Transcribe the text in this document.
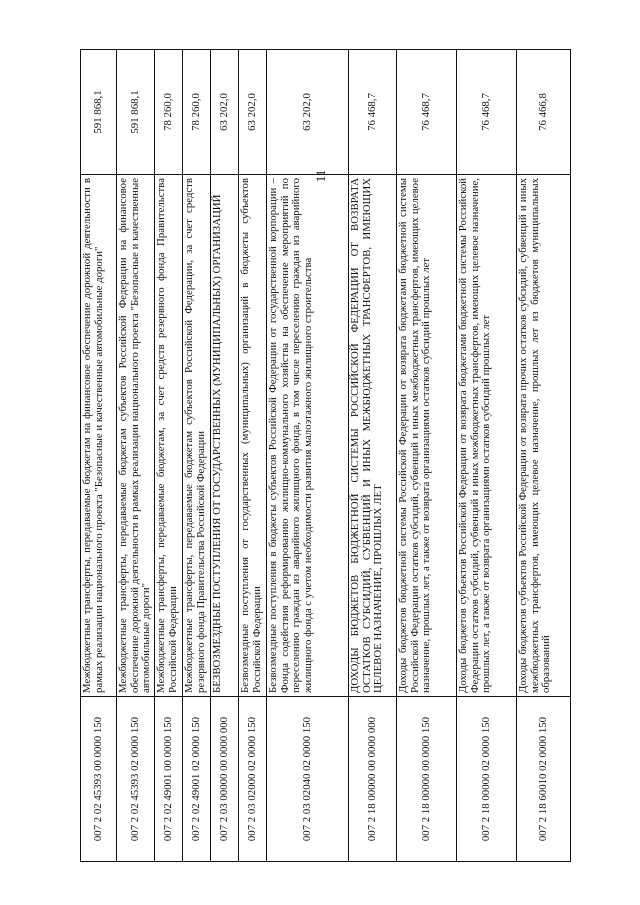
11
007 2 02 45393 00 0000 150	Межбюджетные трансферты, передаваемые бюджетам на финансовое обеспечение дорожной деятельности в рамках реализации национального проекта "Безопасные и качественные автомобильные дороги"	591 868,1
007 2 02 45393 02 0000 150	Межбюджетные трансферты, передаваемые бюджетам субъектов Российской Федерации на финансовое обеспечение дорожной деятельности в рамках реализации национального проекта "Безопасные и качественные автомобильные дороги"	591 868,1
007 2 02 49001 00 0000 150	Межбюджетные трансферты, передаваемые бюджетам, за счет средств резервного фонда Правительства Российской Федерации	78 260,0
007 2 02 49001 02 0000 150	Межбюджетные трансферты, передаваемые бюджетам субъектов Российской Федерации, за счет средств резервного фонда Правительства Российской Федерации	78 260,0
007 2 03 00000 00 0000 000	БЕЗВОЗМЕЗДНЫЕ ПОСТУПЛЕНИЯ ОТ ГОСУДАРСТВЕННЫХ (МУНИЦИПАЛЬНЫХ) ОРГАНИЗАЦИЙ	63 202,0
007 2 03 02000 02 0000 150	Безвозмездные поступления от государственных (муниципальных) организаций в бюджеты субъектов Российской Федерации	63 202,0
007 2 03 02040 02 0000 150	Безвозмездные поступления в бюджеты субъектов Российской Федерации от государственной корпорации – Фонда содействия реформированию жилищно-коммунального хозяйства на обеспечение мероприятий по переселению граждан из аварийного жилищного фонда, в том числе переселению граждан из аварийного жилищного фонда с учетом необходимости развития малоэтажного жилищного строительства	63 202,0
007 2 18 00000 00 0000 000	ДОХОДЫ БЮДЖЕТОВ БЮДЖЕТНОЙ СИСТЕМЫ РОССИЙСКОЙ ФЕДЕРАЦИИ ОТ ВОЗВРАТА ОСТАТКОВ СУБСИДИЙ, СУБВЕНЦИЙ И ИНЫХ МЕЖБЮДЖЕТНЫХ ТРАНСФЕРТОВ, ИМЕЮЩИХ ЦЕЛЕВОЕ НАЗНАЧЕНИЕ, ПРОШЛЫХ ЛЕТ	76 468,7
007 2 18 00000 00 0000 150	Доходы бюджетов бюджетной системы Российской Федерации от возврата бюджетами бюджетной системы Российской Федерации остатков субсидий, субвенций и иных межбюджетных трансфертов, имеющих целевое назначение, прошлых лет, а также от возврата организациями остатков субсидий прошлых лет	76 468,7
007 2 18 00000 02 0000 150	Доходы бюджетов субъектов Российской Федерации от возврата бюджетами бюджетной системы Российской Федерации остатков субсидий, субвенций и иных межбюджетных трансфертов, имеющих целевое назначение, прошлых лет, а также от возврата организациями остатков субсидий прошлых лет	76 468,7
007 2 18 60010 02 0000 150	Доходы бюджетов субъектов Российской Федерации от возврата прочих остатков субсидий, субвенций и иных межбюджетных трансфертов, имеющих целевое назначение, прошлых лет из бюджетов муниципальных образований	76 466,8
